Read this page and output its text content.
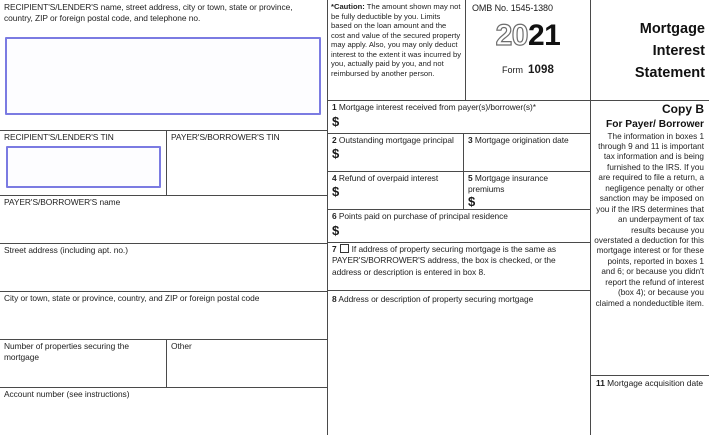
RECIPIENT'S/LENDER'S name, street address, city or town, state or province, country, ZIP or foreign postal code, and telephone no.
RECIPIENT'S/LENDER'S TIN	PAYER'S/BORROWER'S TIN
PAYER'S/BORROWER'S name
Street address (including apt. no.)
City or town, state or province, country, and ZIP or foreign postal code
Number of properties securing the mortgage
Other
Account number (see instructions)
*Caution: The amount shown may not be fully deductible by you. Limits based on the loan amount and the cost and value of the secured property may apply. Also, you may only deduct interest to the extent it was incurred by you, actually paid by you, and not reimbursed by another person.
OMB No. 1545-1380
2021
Form 1098
1 Mortgage interest received from payer(s)/borrower(s)*
$
2 Outstanding mortgage principal
$
3 Mortgage origination date
4 Refund of overpaid interest
$
5 Mortgage insurance premiums
$
6 Points paid on purchase of principal residence
$
7 If address of property securing mortgage is the same as PAYER'S/BORROWER'S address, the box is checked, or the address or description is entered in box 8.
8 Address or description of property securing mortgage
Mortgage Interest Statement
Copy B
For Payer/ Borrower
The information in boxes 1 through 9 and 11 is important tax information and is being furnished to the IRS. If you are required to file a return, a negligence penalty or other sanction may be imposed on you if the IRS determines that an underpayment of tax results because you overstated a deduction for this mortgage interest or for these points, reported in boxes 1 and 6; or because you didn't report the refund of interest (box 4); or because you claimed a nondeductible item.
11 Mortgage acquisition date
